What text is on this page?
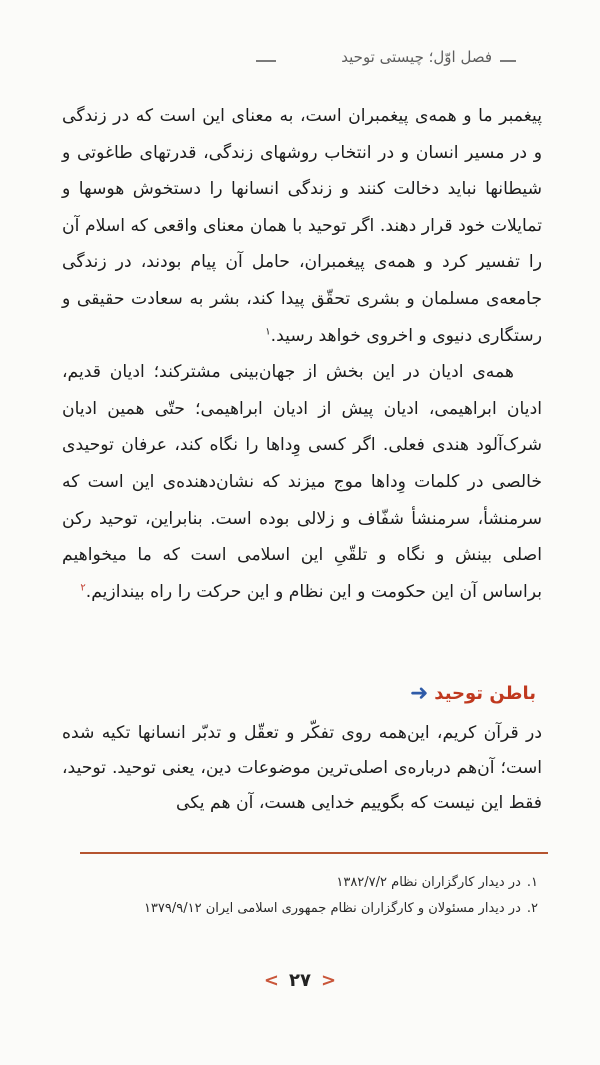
فصل اوّل؛ چیستی توحید

پیغمبر ما و همه‌ی پیغمبران است، به معنای این است که در زندگی و در مسیر انسان و در انتخاب روشهای زندگی، قدرتهای طاغوتی و شیطانها نباید دخالت کنند و زندگی انسانها را دستخوش هوسها و تمایلات خود قرار دهند. اگر توحید با همان معنای واقعی که اسلام آن را تفسیر کرد و همه‌ی پیغمبران، حامل آن پیام بودند، در زندگی جامعه‌ی مسلمان و بشری تحقّق پیدا کند، بشر به سعادت حقیقی و رستگاری دنیوی و اخروی خواهد رسید.$^۱$

همه‌ی ادیان در این بخش از جهان‌بینی مشترکند؛ ادیان قدیم، ادیان ابراهیمی، ادیان پیش از ادیان ابراهیمی؛ حتّی همین ادیان شرک‌آلود هندی فعلی. اگر کسی وِداها را نگاه کند، عرفان توحیدی خالصی در کلمات وِداها موج میزند که نشان‌دهنده‌ی این است که سرمنشأ، سرمنشأ شفّاف و زلالی بوده است. بنابراین، توحید رکن اصلی بینش و نگاه و تلقّیِ این اسلامی است که ما میخواهیم براساس آن این حکومت و این نظام و این حرکت را راه بیندازیم.$^۲$

باطن توحید
➜
در قرآن کریم، این‌همه روی تفکّر و تعقّل و تدبّر انسانها تکیه شده است؛ آن‌هم درباره‌ی اصلی‌ترین موضوعات دین، یعنی توحید. توحید، فقط این نیست که بگوییم خدایی هست، آن هم یکی
۱.در دیدار کارگزاران نظام ۱۳۸۲/۷/۲
۲.در دیدار مسئولان و کارگزاران نظام جمهوری اسلامی ایران ۱۳۷۹/۹/۱۲
< ۲۷ >
